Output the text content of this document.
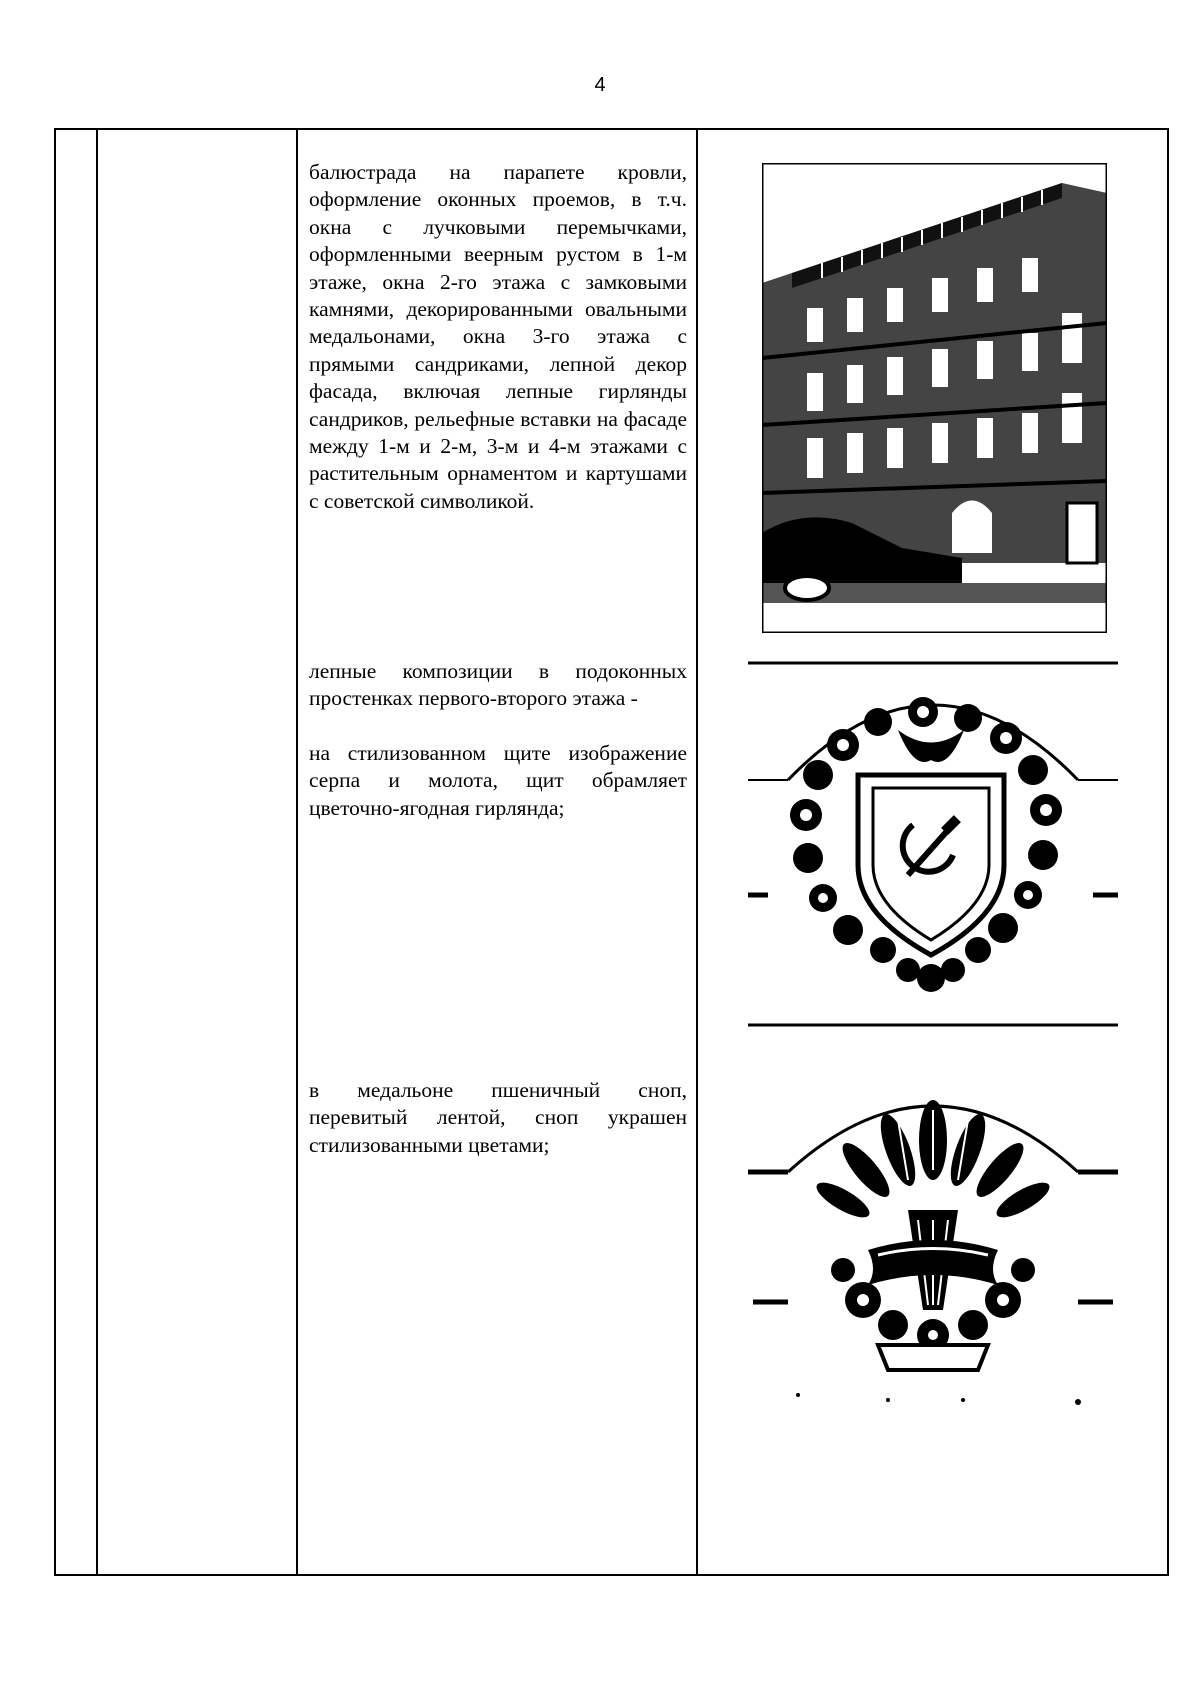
4

балюстрада на парапете кровли, оформление оконных проемов, в т.ч. окна с лучковыми перемычками, оформленными веерным рустом в 1-м этаже, окна 2-го этажа с замковыми камнями, декорированными овальными медальонами, окна 3-го этажа с прямыми сандриками, лепной декор фасада, включая лепные гирлянды сандриков, рельефные вставки на фасаде между 1-м и 2-м, 3-м и 4-м этажами с растительным орнаментом и картушами с советской символикой.

лепные композиции в подоконных простенках первого-второго этажа -

на стилизованном щите изображение серпа и молота, щит обрамляет цветочно-ягодная гирлянда;

в медальоне пшеничный сноп, перевитый лентой, сноп украшен стилизованными цветами;
